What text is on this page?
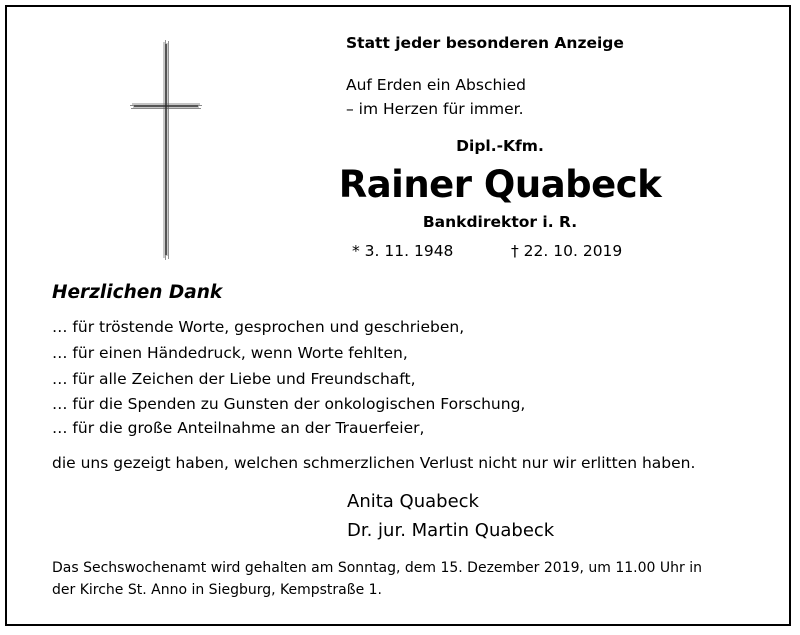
Statt jeder besonderen Anzeige
Auf Erden ein Abschied
– im Herzen für immer.
Dipl.-Kfm.
Rainer Quabeck
Bankdirektor i. R.
* 3. 11. 1948	† 22. 10. 2019
Herzlichen Dank
… für tröstende Worte, gesprochen und geschrieben,
… für einen Händedruck, wenn Worte fehlten,
… für alle Zeichen der Liebe und Freundschaft,
… für die Spenden zu Gunsten der onkologischen Forschung,
… für die große Anteilnahme an der Trauerfeier,
die uns gezeigt haben, welchen schmerzlichen Verlust nicht nur wir erlitten haben.
Anita Quabeck
Dr. jur. Martin Quabeck
Das Sechswochenamt wird gehalten am Sonntag, dem 15. Dezember 2019, um 11.00 Uhr in
der Kirche St. Anno in Siegburg, Kempstraße 1.
